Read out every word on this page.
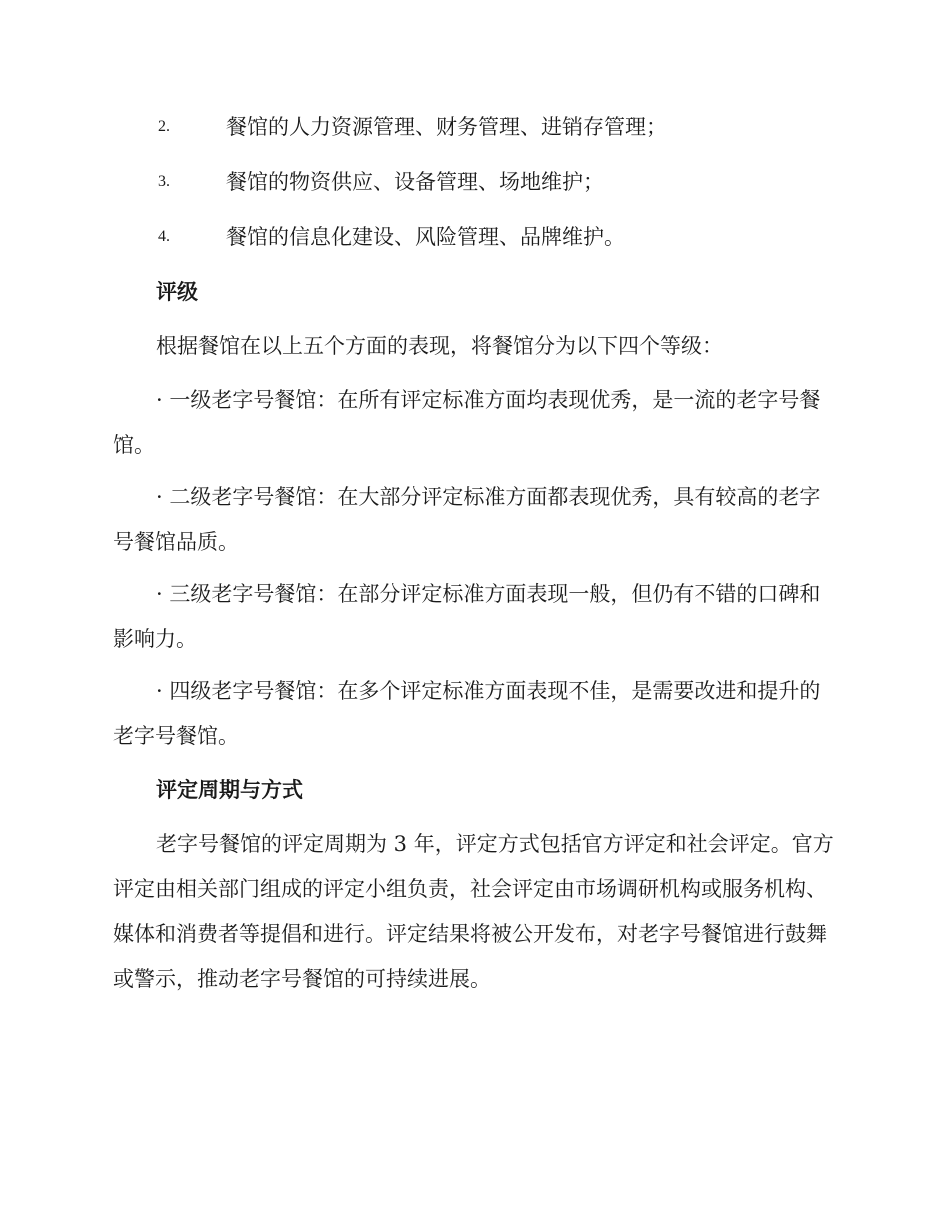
2.	餐馆的人力资源管理、财务管理、进销存管理；
3.	餐馆的物资供应、设备管理、场地维护；
4.	餐馆的信息化建设、风险管理、品牌维护。
评级

根据餐馆在以上五个方面的表现，将餐馆分为以下四个等级：

· 一级老字号餐馆：在所有评定标准方面均表现优秀，是一流的老字号餐馆。

· 二级老字号餐馆：在大部分评定标准方面都表现优秀，具有较高的老字号餐馆品质。

· 三级老字号餐馆：在部分评定标准方面表现一般，但仍有不错的口碑和影响力。

· 四级老字号餐馆：在多个评定标准方面表现不佳，是需要改进和提升的老字号餐馆。

评定周期与方式

老字号餐馆的评定周期为 3 年，评定方式包括官方评定和社会评定。官方评定由相关部门组成的评定小组负责，社会评定由市场调研机构或服务机构、媒体和消费者等提倡和进行。评定结果将被公开发布，对老字号餐馆进行鼓舞或警示，推动老字号餐馆的可持续进展。
